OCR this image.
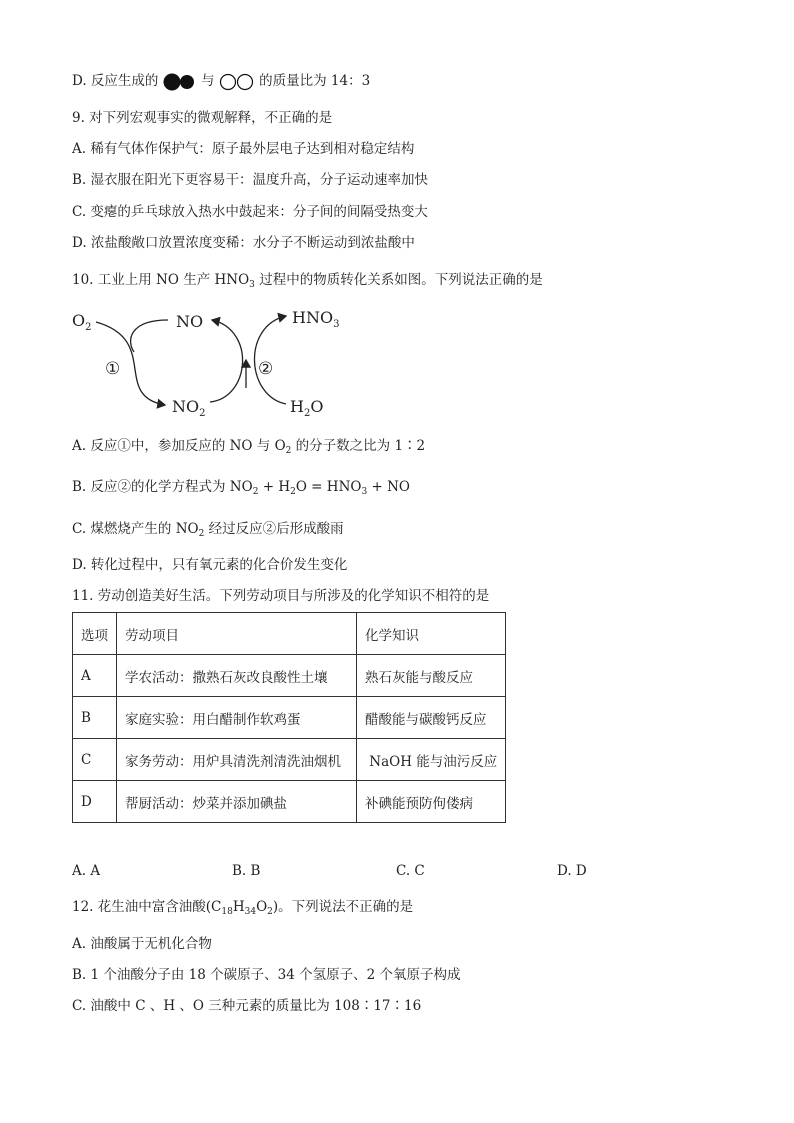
D. 反应生成的	与	的质量比为 14：3
9. 对下列宏观事实的微观解释，不正确的是
A. 稀有气体作保护气：原子最外层电子达到相对稳定结构
B. 湿衣服在阳光下更容易干：温度升高，分子运动速率加快
C. 变瘪的乒乓球放入热水中鼓起来：分子间的间隔受热变大
D. 浓盐酸敞口放置浓度变稀：水分子不断运动到浓盐酸中
10. 工业上用 NO 生产 $HNO_3$ 过程中的物质转化关系如图。下列说法正确的是
$O_2$	NO
$NO_2$
$HNO_3$
$H_2O$
①	②
A. 反应①中，参加反应的 NO 与 $O_2$ 的分子数之比为 1∶2
B. 反应②的化学方程式为 $NO_2 + H_2O = HNO_3$ + NO
C. 煤燃烧产生的 $NO_2$ 经过反应②后形成酸雨
D. 转化过程中，只有氧元素的化合价发生变化
11. 劳动创造美好生活。下列劳动项目与所涉及的化学知识不相符的是
选项	劳动项目	化学知识
A	学农活动：撒熟石灰改良酸性土壤	熟石灰能与酸反应
B	家庭实验：用白醋制作软鸡蛋	醋酸能与碳酸钙反应
C	家务劳动：用炉具清洗剂清洗油烟机	NaOH 能与油污反应
D	帮厨活动：炒菜并添加碘盐	补碘能预防佝偻病
A. A	B. B	C. C	D. D
12. 花生油中富含油酸$(C_{18}H_{34}O_2)$。下列说法不正确的是
A. 油酸属于无机化合物
B. 1 个油酸分子由 18 个碳原子、34 个氢原子、2 个氧原子构成
C. 油酸中 C 、H 、O 三种元素的质量比为 108∶17∶16
